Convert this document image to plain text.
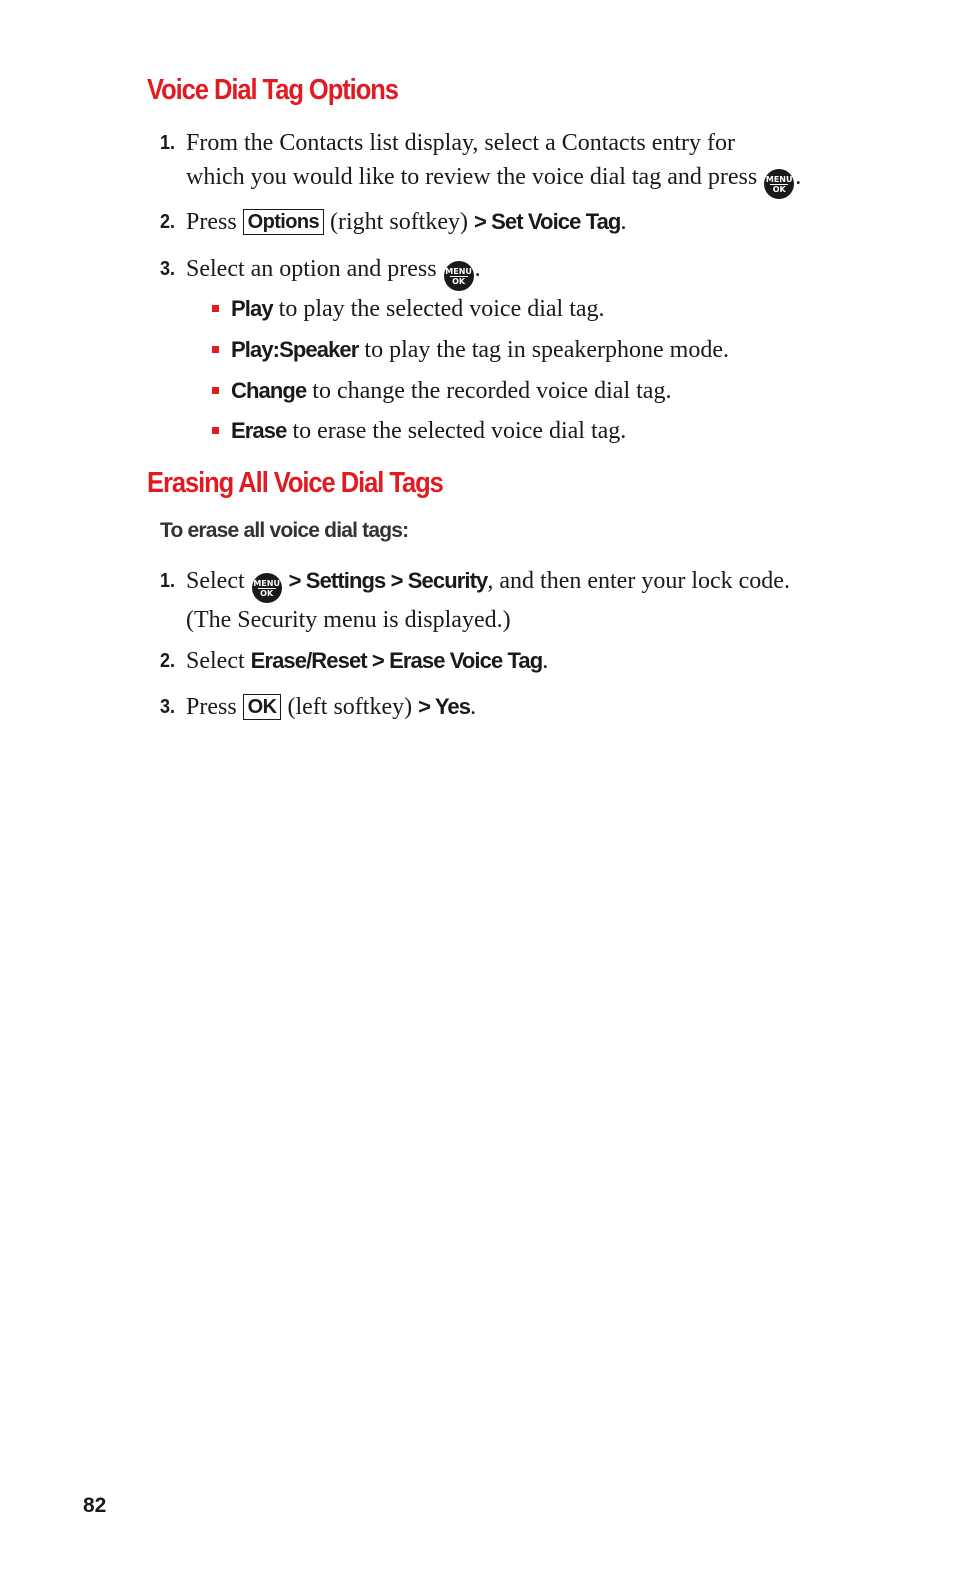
Voice Dial Tag Options
1. From the Contacts list display, select a Contacts entry for
which you would like to review the voice dial tag and press MENU
OK .
2. Press Options (right softkey) > Set Voice Tag.
3. Select an option and press MENU
OK .
Play to play the selected voice dial tag.
Play:Speaker to play the tag in speakerphone mode.
Change to change the recorded voice dial tag.
Erase to erase the selected voice dial tag.
Erasing All Voice Dial Tags
To erase all voice dial tags:
1. Select MENU
OK > Settings > Security, and then enter your lock code.
(The Security menu is displayed.)
2. Select Erase/Reset > Erase Voice Tag.
3. Press OK (left softkey) > Yes.
82
